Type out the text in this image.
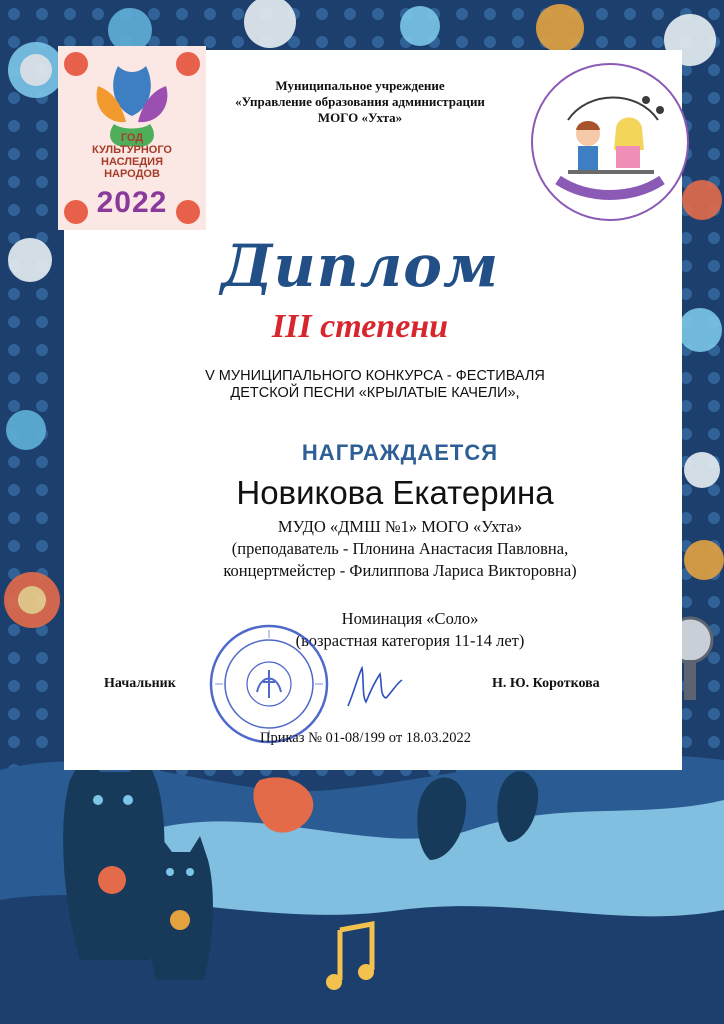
ГОД
КУЛЬТУРНОГО
НАСЛЕДИЯ
НАРОДОВ
2022
Муниципальное учреждение
«Управление образования администрации
МОГО «Ухта»
Диплом
III степени
V МУНИЦИПАЛЬНОГО КОНКУРСА - ФЕСТИВАЛЯ
ДЕТСКОЙ ПЕСНИ «КРЫЛАТЫЕ КАЧЕЛИ»,
НАГРАЖДАЕТСЯ
Новикова Екатерина
МУДО «ДМШ №1» МОГО «Ухта»
(преподаватель - Плонина Анастасия Павловна,
концертмейстер - Филиппова Лариса Викторовна)
Номинация «Соло»
(возрастная категория 11-14 лет)
Начальник	Н. Ю. Короткова
Приказ № 01-08/199 от 18.03.2022
